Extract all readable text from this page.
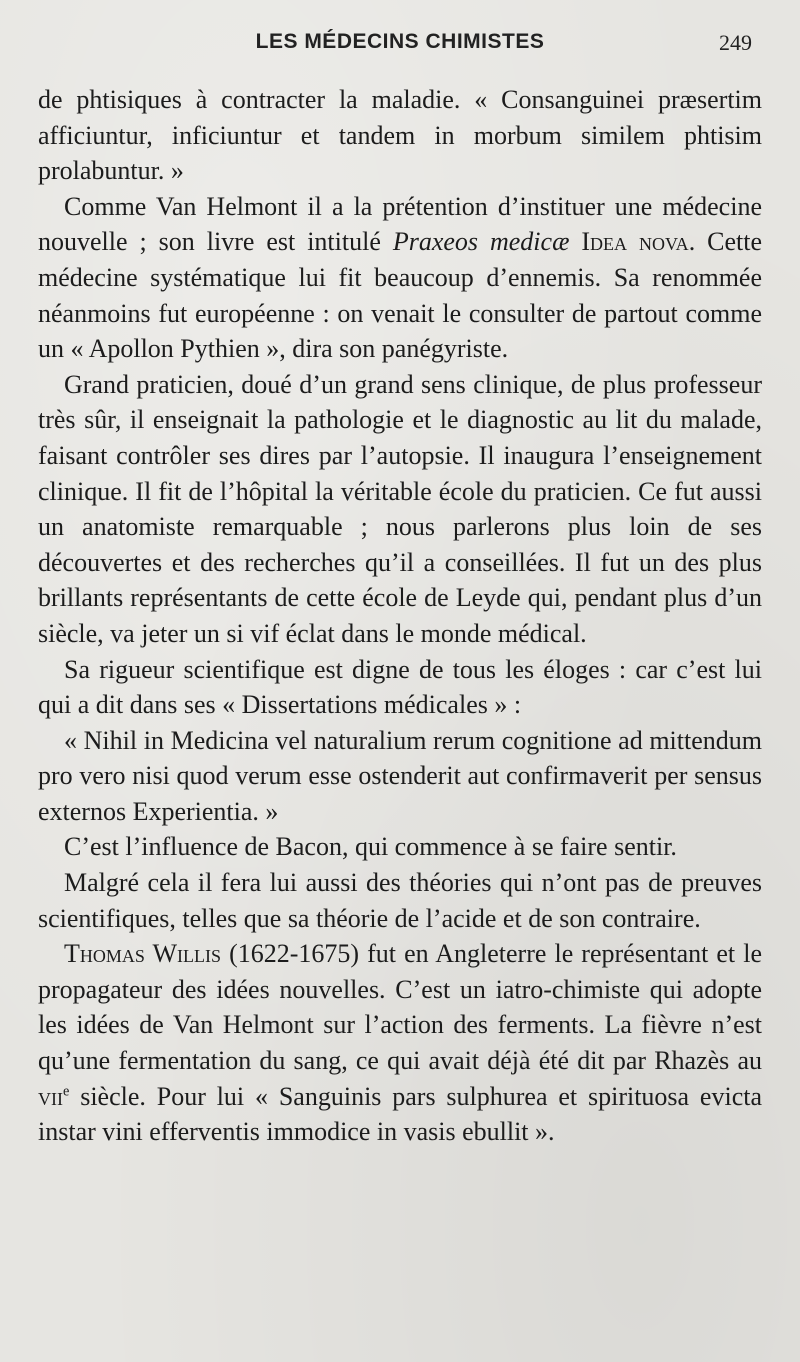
LES MÉDECINS CHIMISTES	249

de phtisiques à contracter la maladie. « Consanguinei præsertim afficiuntur, inficiuntur et tandem in morbum similem phtisim prolabuntur. »

Comme Van Helmont il a la prétention d’instituer une médecine nouvelle ; son livre est intitulé Praxeos medicæ Idea nova. Cette médecine systématique lui fit beaucoup d’ennemis. Sa renommée néanmoins fut européenne : on venait le consulter de partout comme un « Apollon Pythien », dira son panégyriste.

Grand praticien, doué d’un grand sens clinique, de plus professeur très sûr, il enseignait la pathologie et le diagnostic au lit du malade, faisant contrôler ses dires par l’autopsie. Il inaugura l’enseignement clinique. Il fit de l’hôpital la véritable école du praticien. Ce fut aussi un anatomiste remarquable ; nous parlerons plus loin de ses découvertes et des recherches qu’il a conseillées. Il fut un des plus brillants représentants de cette école de Leyde qui, pendant plus d’un siècle, va jeter un si vif éclat dans le monde médical.

Sa rigueur scientifique est digne de tous les éloges : car c’est lui qui a dit dans ses « Dissertations médicales » :

« Nihil in Medicina vel naturalium rerum cognitione ad mittendum pro vero nisi quod verum esse ostenderit aut confirmaverit per sensus externos Experientia. »

C’est l’influence de Bacon, qui commence à se faire sentir.

Malgré cela il fera lui aussi des théories qui n’ont pas de preuves scientifiques, telles que sa théorie de l’acide et de son contraire.

Thomas Willis (1622-1675) fut en Angleterre le représentant et le propagateur des idées nouvelles. C’est un iatro-chimiste qui adopte les idées de Van Helmont sur l’action des ferments. La fièvre n’est qu’une fermentation du sang, ce qui avait déjà été dit par Rhazès au vii$^e$ siècle. Pour lui « Sanguinis pars sulphurea et spirituosa evicta instar vini efferventis immodice in vasis ebullit ».
